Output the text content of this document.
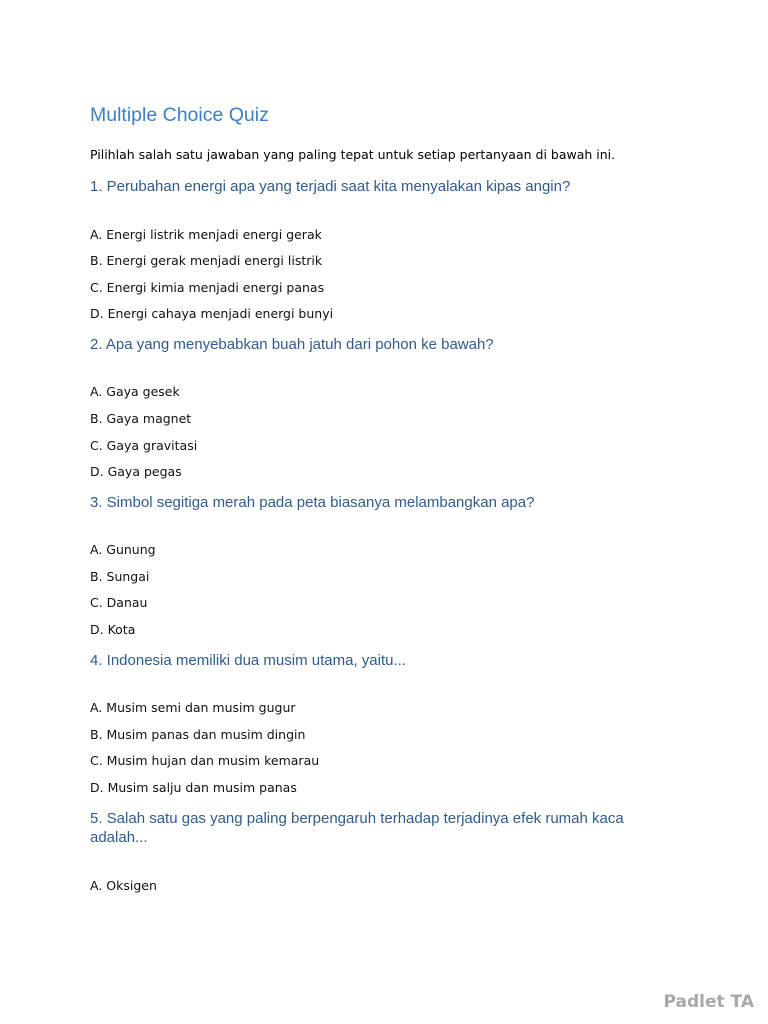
Multiple Choice Quiz

Pilihlah salah satu jawaban yang paling tepat untuk setiap pertanyaan di bawah ini.

1. Perubahan energi apa yang terjadi saat kita menyalakan kipas angin?
A. Energi listrik menjadi energi gerak
B. Energi gerak menjadi energi listrik
C. Energi kimia menjadi energi panas
D. Energi cahaya menjadi energi bunyi
2. Apa yang menyebabkan buah jatuh dari pohon ke bawah?
A. Gaya gesek
B. Gaya magnet
C. Gaya gravitasi
D. Gaya pegas
3. Simbol segitiga merah pada peta biasanya melambangkan apa?
A. Gunung
B. Sungai
C. Danau
D. Kota
4. Indonesia memiliki dua musim utama, yaitu...
A. Musim semi dan musim gugur
B. Musim panas dan musim dingin
C. Musim hujan dan musim kemarau
D. Musim salju dan musim panas
5. Salah satu gas yang paling berpengaruh terhadap terjadinya efek rumah kaca adalah...
A. Oksigen
Padlet TA
